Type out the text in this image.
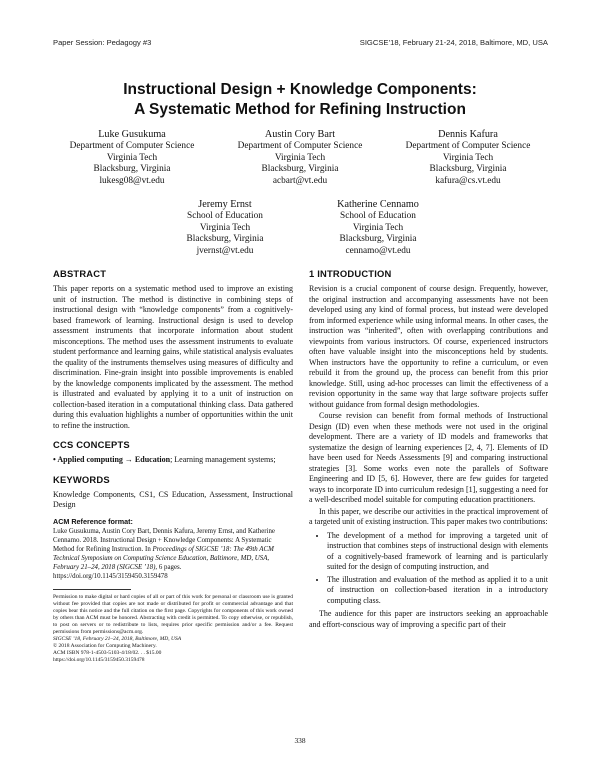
Paper Session: Pedagogy #3	SIGCSE’18, February 21-24, 2018, Baltimore, MD, USA
Instructional Design + Knowledge Components:
A Systematic Method for Refining Instruction
Luke Gusukuma
Department of Computer Science
Virginia Tech
Blacksburg, Virginia
lukesg08@vt.edu
Austin Cory Bart
Department of Computer Science
Virginia Tech
Blacksburg, Virginia
acbart@vt.edu
Dennis Kafura
Department of Computer Science
Virginia Tech
Blacksburg, Virginia
kafura@cs.vt.edu
Jeremy Ernst
School of Education
Virginia Tech
Blacksburg, Virginia
jvernst@vt.edu
Katherine Cennamo
School of Education
Virginia Tech
Blacksburg, Virginia
cennamo@vt.edu
ABSTRACT

This paper reports on a systematic method used to improve an existing unit of instruction. The method is distinctive in combining steps of instructional design with “knowledge components” from a cognitively-based framework of learning. Instructional design is used to develop assessment instruments that incorporate information about student misconceptions. The method uses the assessment instruments to evaluate student performance and learning gains, while statistical analysis evaluates the quality of the instruments themselves using measures of difficulty and discrimination. Fine-grain insight into possible improvements is enabled by the knowledge components implicated by the assessment. The method is illustrated and evaluated by applying it to a unit of instruction on collection-based iteration in a computational thinking class. Data gathered during this evaluation highlights a number of opportunities within the unit to refine the instruction.

CCS CONCEPTS

• Applied computing → Education; Learning management systems;

KEYWORDS

Knowledge Components, CS1, CS Education, Assessment, Instructional Design

ACM Reference format:

Luke Gusukuma, Austin Cory Bart, Dennis Kafura, Jeremy Ernst, and Katherine Cennamo. 2018. Instructional Design + Knowledge Components: A Systematic Method for Refining Instruction. In Proceedings of SIGCSE ’18: The 49th ACM Technical Symposium on Computing Science Education, Baltimore, MD, USA, February 21–24, 2018 (SIGCSE ’18), 6 pages.
https://doi.org/10.1145/3159450.3159478

Permission to make digital or hard copies of all or part of this work for personal or classroom use is granted without fee provided that copies are not made or distributed for profit or commercial advantage and that copies bear this notice and the full citation on the first page. Copyrights for components of this work owned by others than ACM must be honored. Abstracting with credit is permitted. To copy otherwise, or republish, to post on servers or to redistribute to lists, requires prior specific permission and/or a fee. Request permissions from permissions@acm.org.

SIGCSE ’18, February 21–24, 2018, Baltimore, MD, USA

© 2018 Association for Computing Machinery.

ACM ISBN 978-1-4503-5103-4/18/02. . . $15.00

https://doi.org/10.1145/3159450.3159478

1 INTRODUCTION

Revision is a crucial component of course design. Frequently, however, the original instruction and accompanying assessments have not been developed using any kind of formal process, but instead were developed from informed experience while using informal means. In other cases, the instruction was “inherited”, often with overlapping contributions and viewpoints from various instructors. Of course, experienced instructors often have valuable insight into the misconceptions held by students. When instructors have the opportunity to refine a curriculum, or even rebuild it from the ground up, the process can benefit from this prior knowledge. Still, using ad-hoc processes can limit the effectiveness of a revision opportunity in the same way that large software projects suffer without guidance from formal design methodologies.

Course revision can benefit from formal methods of Instructional Design (ID) even when these methods were not used in the original development. There are a variety of ID models and frameworks that systematize the design of learning experiences [2, 4, 7]. Elements of ID have been used for Needs Assessments [9] and comparing instructional strategies [3]. Some works even note the parallels of Software Engineering and ID [5, 6]. However, there are few guides for targeted ways to incorporate ID into curriculum redesign [1], suggesting a need for a well-described model suitable for computing education practitioners.

In this paper, we describe our activities in the practical improvement of a targeted unit of existing instruction. This paper makes two contributions:

• The development of a method for improving a targeted unit of instruction that combines steps of instructional design with elements of a cognitively-based framework of learning and is particularly suited for the design of computing instruction, and
• The illustration and evaluation of the method as applied it to a unit of instruction on collection-based iteration in a introductory computing class.

The audience for this paper are instructors seeking an approachable and effort-conscious way of improving a specific part of their

338
